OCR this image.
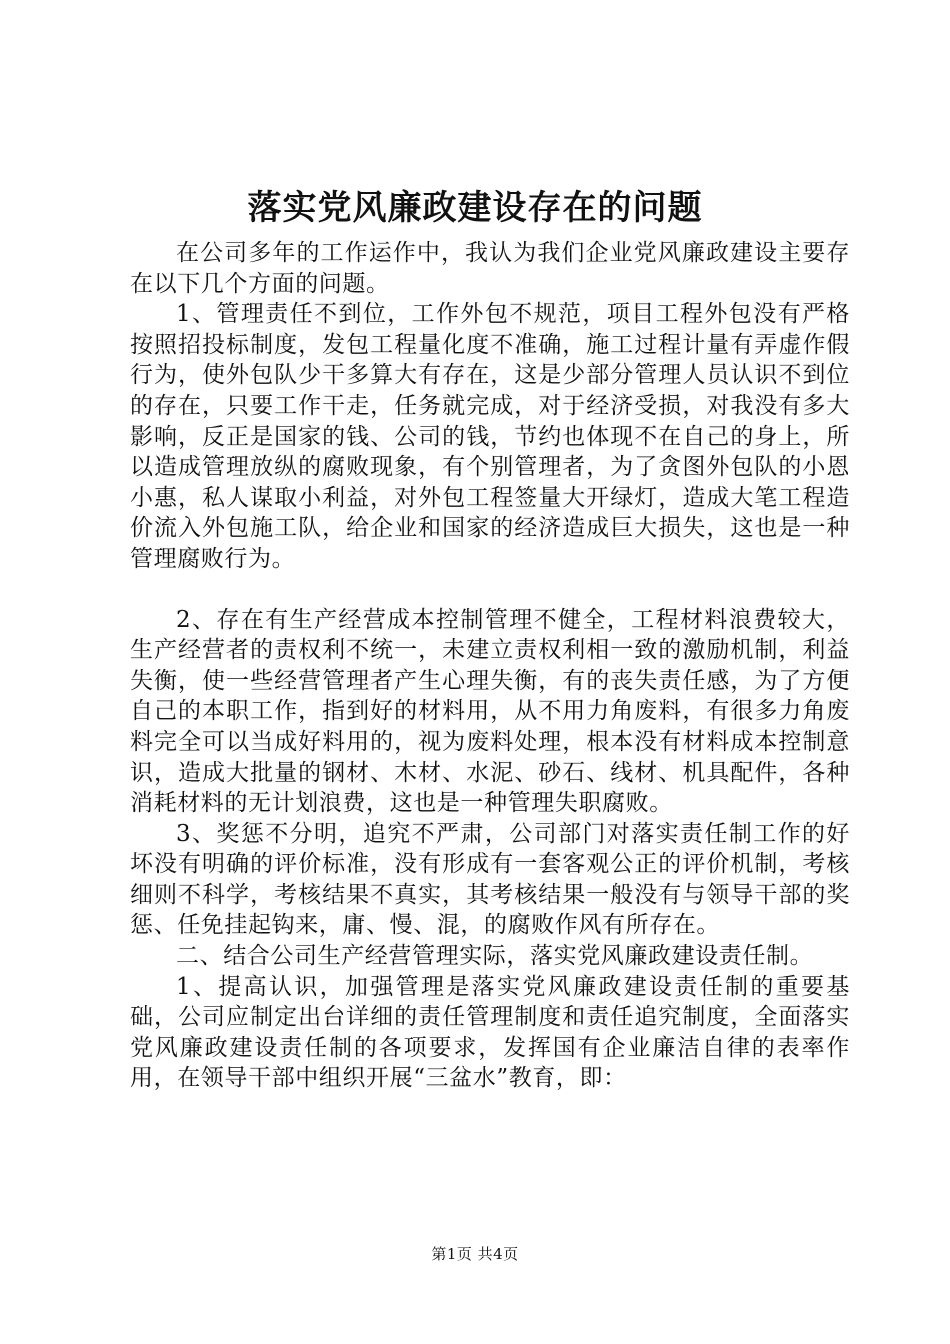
落实党风廉政建设存在的问题

在公司多年的工作运作中，我认为我们企业党风廉政建设主要存在以下几个方面的问题。

1、管理责任不到位，工作外包不规范，项目工程外包没有严格按照招投标制度，发包工程量化度不准确，施工过程计量有弄虚作假行为，使外包队少干多算大有存在，这是少部分管理人员认识不到位的存在，只要工作干走，任务就完成，对于经济受损，对我没有多大影响，反正是国家的钱、公司的钱，节约也体现不在自己的身上，所以造成管理放纵的腐败现象，有个别管理者，为了贪图外包队的小恩小惠，私人谋取小利益，对外包工程签量大开绿灯，造成大笔工程造价流入外包施工队，给企业和国家的经济造成巨大损失，这也是一种管理腐败行为。

2、存在有生产经营成本控制管理不健全，工程材料浪费较大，生产经营者的责权利不统一，未建立责权利相一致的激励机制，利益失衡，使一些经营管理者产生心理失衡，有的丧失责任感，为了方便自己的本职工作，指到好的材料用，从不用力角废料，有很多力角废料完全可以当成好料用的，视为废料处理，根本没有材料成本控制意识，造成大批量的钢材、木材、水泥、砂石、线材、机具配件，各种消耗材料的无计划浪费，这也是一种管理失职腐败。

3、奖惩不分明，追究不严肃，公司部门对落实责任制工作的好坏没有明确的评价标准，没有形成有一套客观公正的评价机制，考核细则不科学，考核结果不真实，其考核结果一般没有与领导干部的奖惩、任免挂起钩来，庸、慢、混，的腐败作风有所存在。

二、结合公司生产经营管理实际，落实党风廉政建设责任制。

1、提高认识，加强管理是落实党风廉政建设责任制的重要基础，公司应制定出台详细的责任管理制度和责任追究制度，全面落实党风廉政建设责任制的各项要求，发挥国有企业廉洁自律的表率作用，在领导干部中组织开展“三盆水”教育，即：

第1页 共4页
